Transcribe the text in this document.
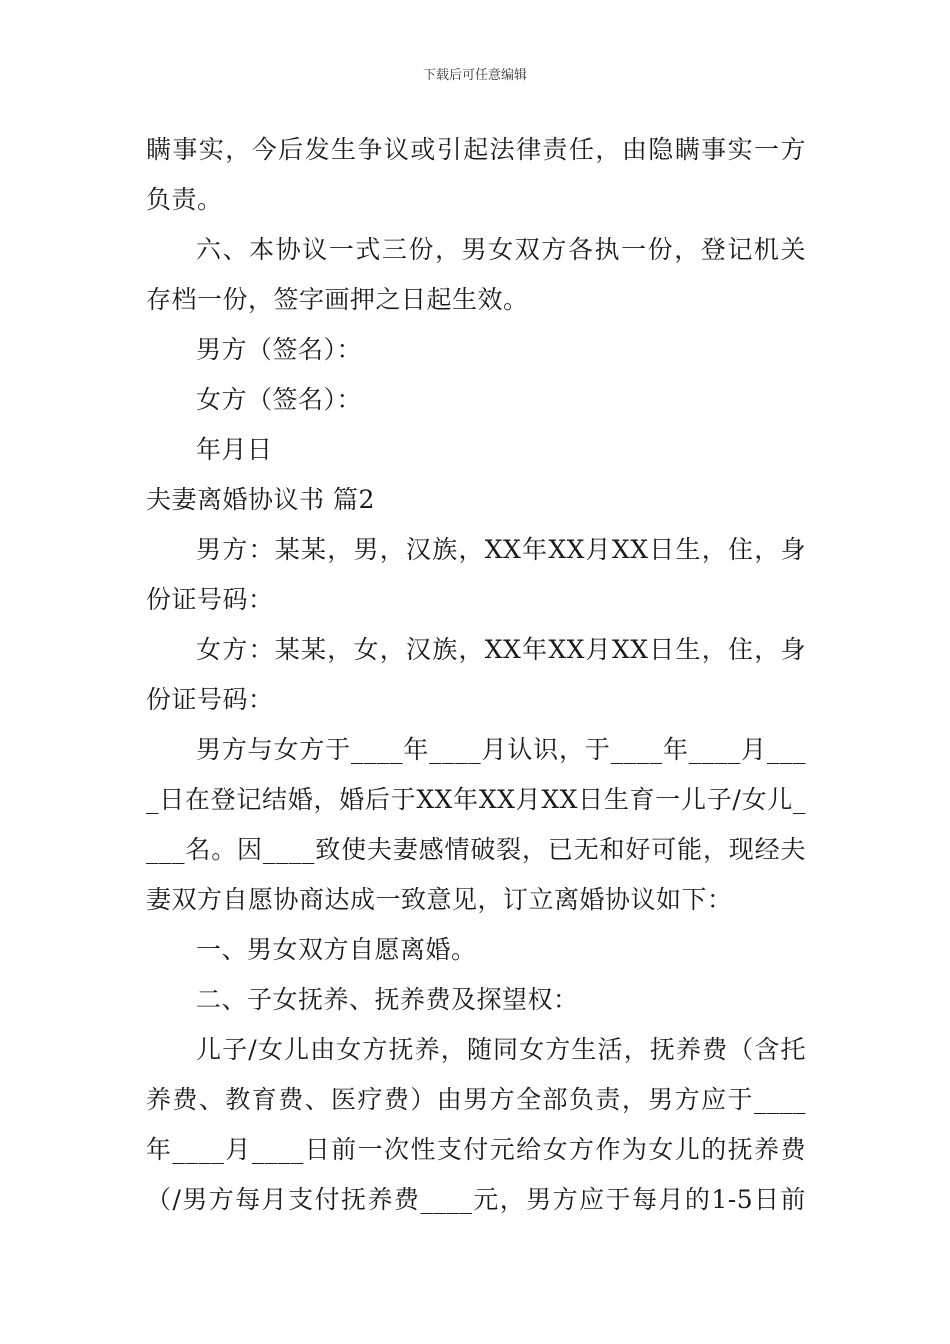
下载后可任意编辑
瞒事实，今后发生争议或引起法律责任，由隐瞒事实一方
负责。
六、本协议一式三份，男女双方各执一份，登记机关
存档一份，签字画押之日起生效。
男方（签名）：
女方（签名）：
年月日
夫妻离婚协议书 篇2
男方：某某，男，汉族，XX年XX月XX日生，住，身
份证号码：
女方：某某，女，汉族，XX年XX月XX日生，住，身
份证号码：
男方与女方于____年____月认识，于____年____月___
_日在登记结婚，婚后于XX年XX月XX日生育一儿子/女儿_
___名。因____致使夫妻感情破裂，已无和好可能，现经夫
妻双方自愿协商达成一致意见，订立离婚协议如下：
一、男女双方自愿离婚。
二、子女抚养、抚养费及探望权：
儿子/女儿由女方抚养，随同女方生活，抚养费（含托
养费、教育费、医疗费）由男方全部负责，男方应于____
年____月____日前一次性支付元给女方作为女儿的抚养费
（/男方每月支付抚养费____元，男方应于每月的1-5日前
